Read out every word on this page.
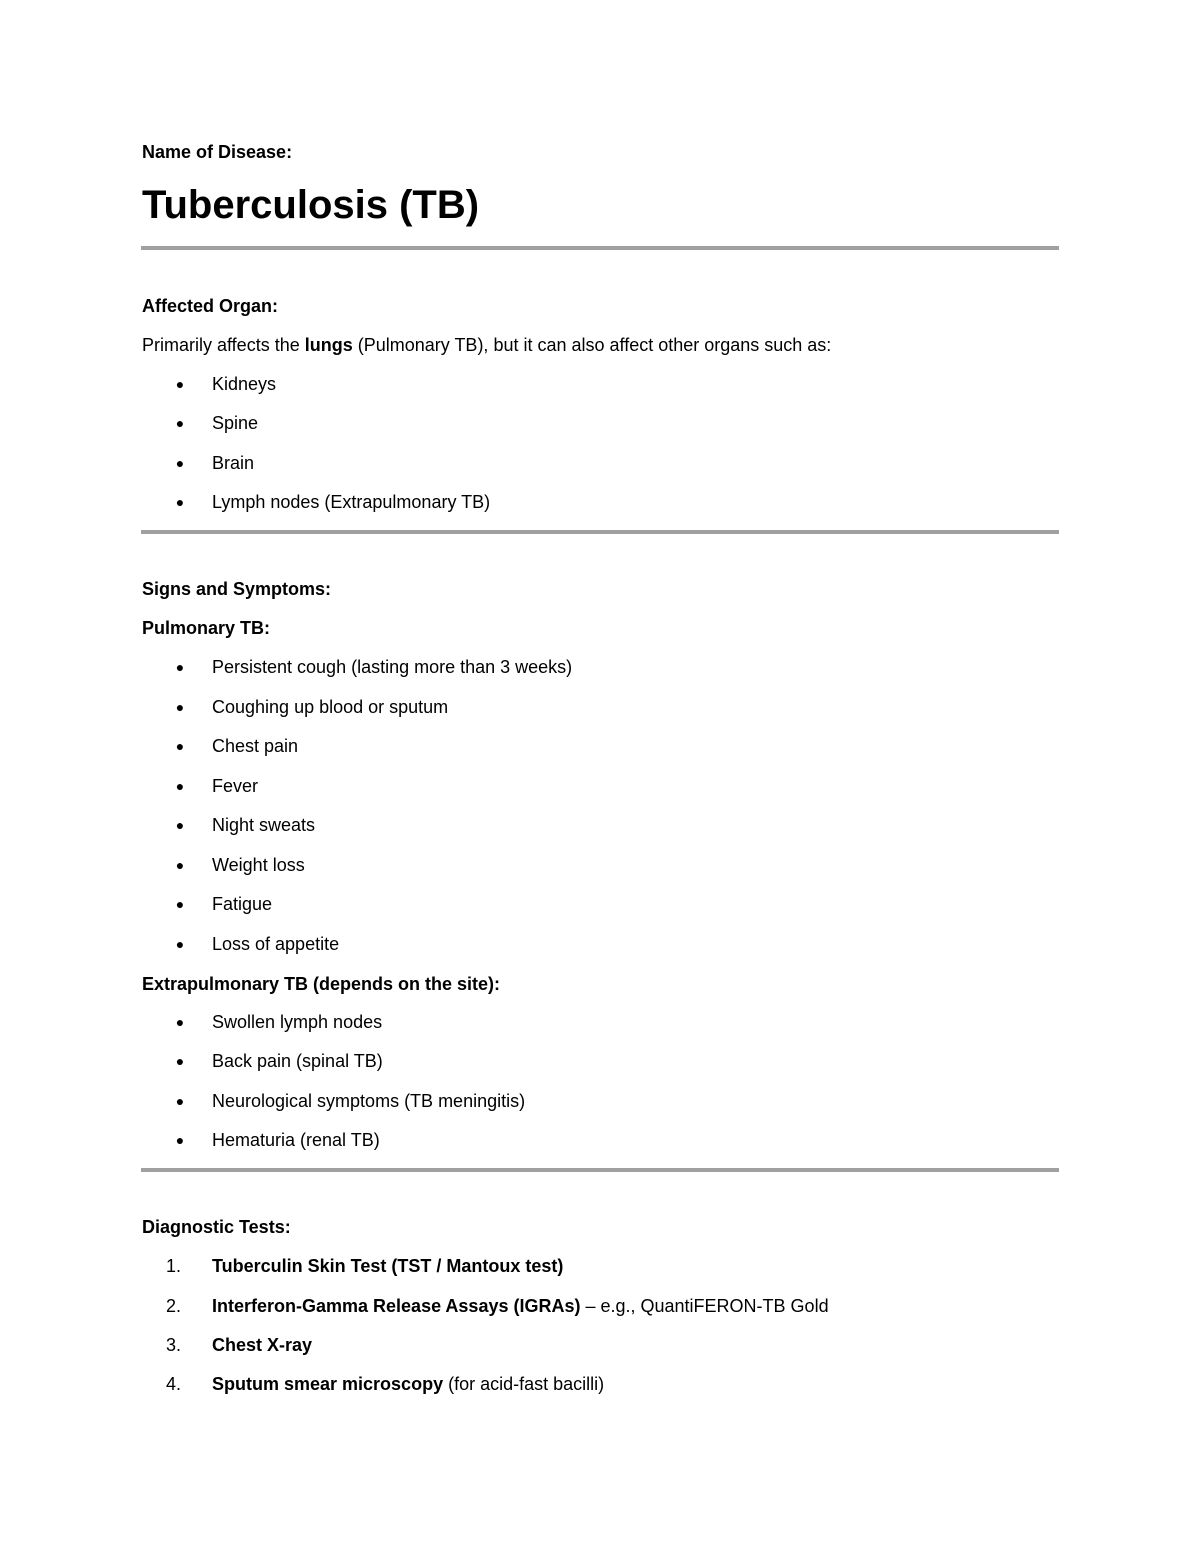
Name of Disease:
Tuberculosis (TB)
Affected Organ:
Primarily affects the lungs (Pulmonary TB), but it can also affect other organs such as:
● Kidneys
● Spine
● Brain
● Lymph nodes (Extrapulmonary TB)
Signs and Symptoms:
Pulmonary TB:
● Persistent cough (lasting more than 3 weeks)
● Coughing up blood or sputum
● Chest pain
● Fever
● Night sweats
● Weight loss
● Fatigue
● Loss of appetite
Extrapulmonary TB (depends on the site):
● Swollen lymph nodes
● Back pain (spinal TB)
● Neurological symptoms (TB meningitis)
● Hematuria (renal TB)
Diagnostic Tests:
1.	Tuberculin Skin Test (TST / Mantoux test)
2.	Interferon-Gamma Release Assays (IGRAs) – e.g., QuantiFERON-TB Gold
3.	Chest X-ray
4.	Sputum smear microscopy (for acid-fast bacilli)
